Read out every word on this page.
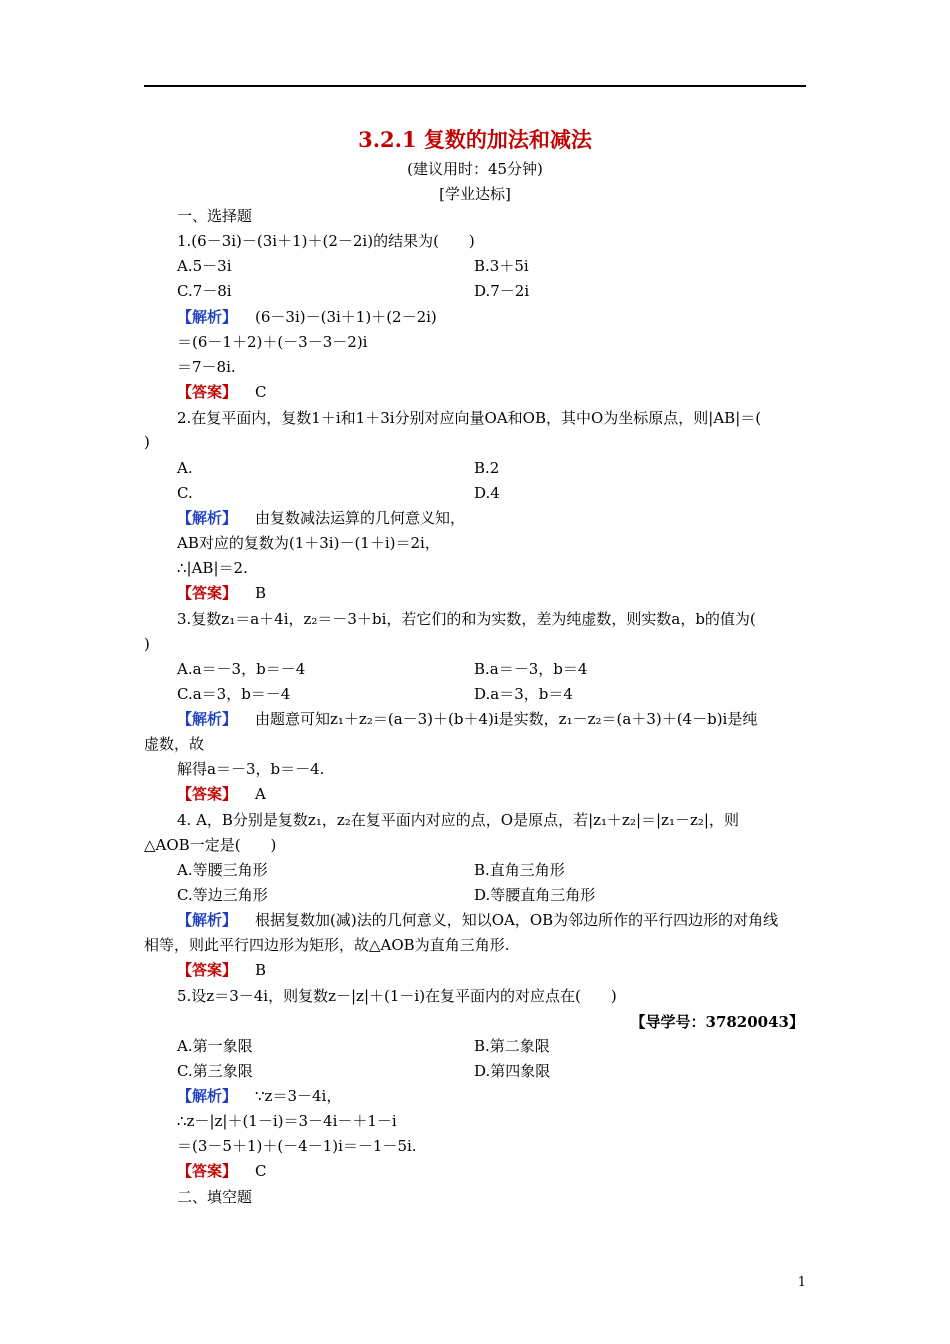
3.2.1 复数的加法和减法
(建议用时：45分钟)
[学业达标]
一、选择题
1.(6－3i)－(3i＋1)＋(2－2i)的结果为(　　)
A.5－3i	B.3＋5i
C.7－8i	D.7－2i
【解析】 (6－3i)－(3i＋1)＋(2－2i)
＝(6－1＋2)＋(－3－3－2)i
＝7－8i.
【答案】 C
2.在复平面内，复数1＋i和1＋3i分别对应向量OA和OB，其中O为坐标原点，则|AB|＝(
)
A.	B.2
C.	D.4
【解析】 由复数减法运算的几何意义知，
AB对应的复数为(1＋3i)－(1＋i)＝2i，
∴|AB|＝2.
【答案】 B
3.复数z₁＝a＋4i，z₂＝－3＋bi，若它们的和为实数，差为纯虚数，则实数a，b的值为(
)
A.a＝－3，b＝－4	B.a＝－3，b＝4
C.a＝3，b＝－4	D.a＝3，b＝4
【解析】 由题意可知z₁＋z₂＝(a－3)＋(b＋4)i是实数，z₁－z₂＝(a＋3)＋(4－b)i是纯
虚数，故
解得a＝－3，b＝－4.
【答案】 A
4. A，B分别是复数z₁，z₂在复平面内对应的点，O是原点，若|z₁＋z₂|＝|z₁－z₂|，则
△AOB一定是(　　)
A.等腰三角形	B.直角三角形
C.等边三角形	D.等腰直角三角形
【解析】 根据复数加(减)法的几何意义，知以OA，OB为邻边所作的平行四边形的对角线
相等，则此平行四边形为矩形，故△AOB为直角三角形.
【答案】 B
5.设z＝3－4i，则复数z－|z|＋(1－i)在复平面内的对应点在(　　)
【导学号：37820043】
A.第一象限	B.第二象限
C.第三象限	D.第四象限
【解析】 ∵z＝3－4i，
∴z－|z|＋(1－i)＝3－4i－＋1－i
＝(3－5＋1)＋(－4－1)i＝－1－5i.
【答案】 C
二、填空题
1
